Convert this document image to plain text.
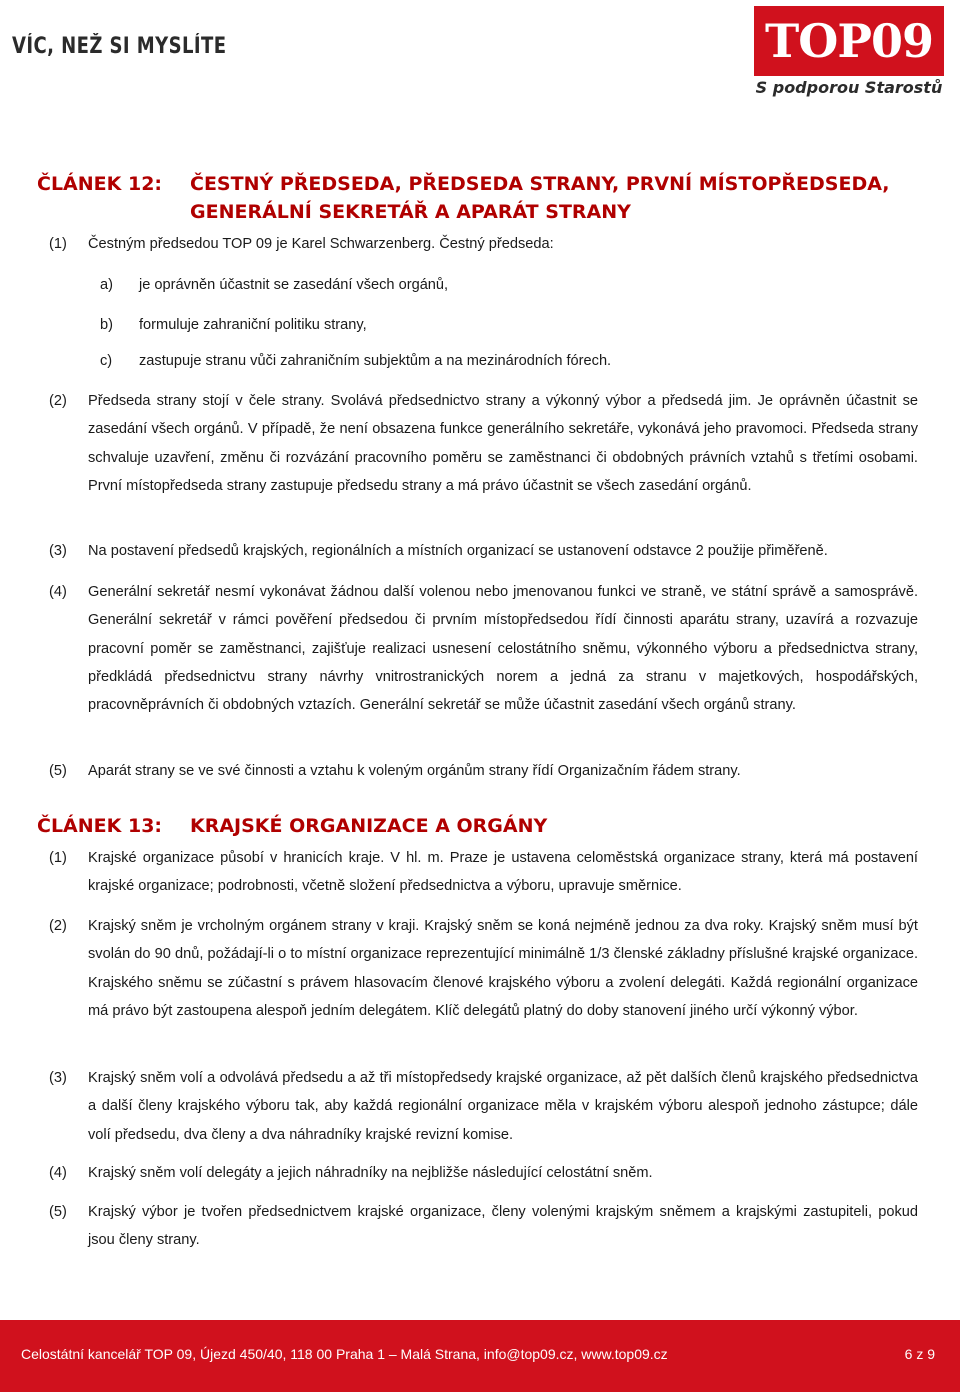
VÍC, NEŽ SI MYSLÍTE	TOP09
S podporou Starostů
ČLÁNEK 12: ČESTNÝ PŘEDSEDA, PŘEDSEDA STRANY, PRVNÍ MÍSTOPŘEDSEDA, GENERÁLNÍ SEKRETÁŘ A APARÁT STRANY
(1) Čestným předsedou TOP 09 je Karel Schwarzenberg. Čestný předseda:
a) je oprávněn účastnit se zasedání všech orgánů,
b) formuluje zahraniční politiku strany,
c) zastupuje stranu vůči zahraničním subjektům a na mezinárodních fórech.
(2) Předseda strany stojí v čele strany. Svolává předsednictvo strany a výkonný výbor a předsedá jim. Je oprávněn účastnit se zasedání všech orgánů. V případě, že není obsazena funkce generálního sekretáře, vykonává jeho pravomoci. Předseda strany schvaluje uzavření, změnu či rozvázání pracovního poměru se zaměstnanci či obdobných právních vztahů s třetími osobami. První místopředseda strany zastupuje předsedu strany a má právo účastnit se všech zasedání orgánů.
(3) Na postavení předsedů krajských, regionálních a místních organizací se ustanovení odstavce 2 použije přiměřeně.
(4) Generální sekretář nesmí vykonávat žádnou další volenou nebo jmenovanou funkci ve straně, ve státní správě a samosprávě. Generální sekretář v rámci pověření předsedou či prvním místopředsedou řídí činnosti aparátu strany, uzavírá a rozvazuje pracovní poměr se zaměstnanci, zajišťuje realizaci usnesení celostátního sněmu, výkonného výboru a předsednictva strany, předkládá předsednictvu strany návrhy vnitrostranických norem a jedná za stranu v majetkových, hospodářských, pracovněprávních či obdobných vztazích. Generální sekretář se může účastnit zasedání všech orgánů strany.
(5) Aparát strany se ve své činnosti a vztahu k voleným orgánům strany řídí Organizačním řádem strany.
ČLÁNEK 13: KRAJSKÉ ORGANIZACE A ORGÁNY
(1) Krajské organizace působí v hranicích kraje. V hl. m. Praze je ustavena celoměstská organizace strany, která má postavení krajské organizace; podrobnosti, včetně složení předsednictva a výboru, upravuje směrnice.
(2) Krajský sněm je vrcholným orgánem strany v kraji. Krajský sněm se koná nejméně jednou za dva roky. Krajský sněm musí být svolán do 90 dnů, požádají-li o to místní organizace reprezentující minimálně 1/3 členské základny příslušné krajské organizace. Krajského sněmu se zúčastní s právem hlasovacím členové krajského výboru a zvolení delegáti. Každá regionální organizace má právo být zastoupena alespoň jedním delegátem. Klíč delegátů platný do doby stanovení jiného určí výkonný výbor.
(3) Krajský sněm volí a odvolává předsedu a až tři místopředsedy krajské organizace, až pět dalších členů krajského předsednictva a další členy krajského výboru tak, aby každá regionální organizace měla v krajském výboru alespoň jednoho zástupce; dále volí předsedu, dva členy a dva náhradníky krajské revizní komise.
(4) Krajský sněm volí delegáty a jejich náhradníky na nejbližše následující celostátní sněm.
(5) Krajský výbor je tvořen předsednictvem krajské organizace, členy volenými krajským sněmem a krajskými zastupiteli, pokud jsou členy strany.
Celostátní kancelář TOP 09, Újezd 450/40, 118 00 Praha 1 – Malá Strana, info@top09.cz, www.top09.cz	6 z 9
